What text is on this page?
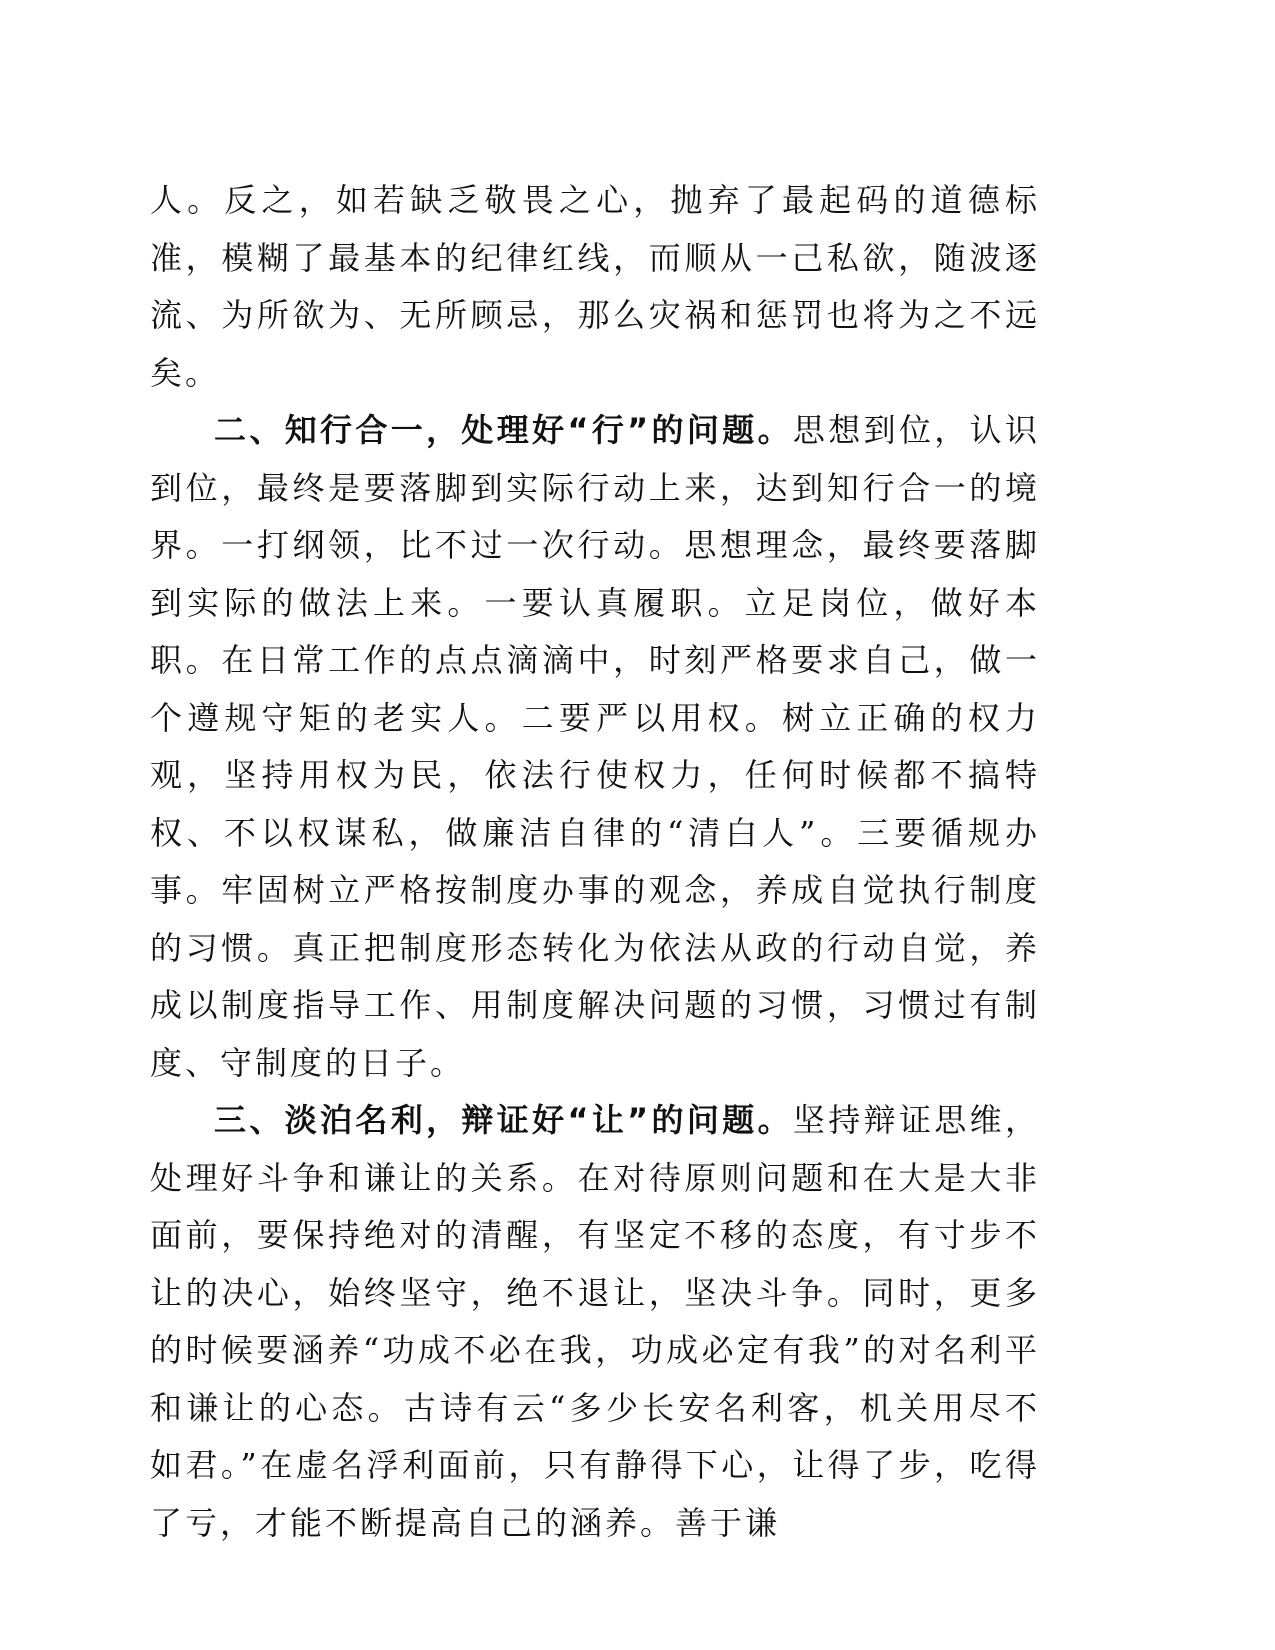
人。反之，如若缺乏敬畏之心，抛弃了最起码的道德标准，模糊了最基本的纪律红线，而顺从一己私欲，随波逐流、为所欲为、无所顾忌，那么灾祸和惩罚也将为之不远矣。

二、知行合一，处理好“行”的问题。思想到位，认识到位，最终是要落脚到实际行动上来，达到知行合一的境界。一打纲领，比不过一次行动。思想理念，最终要落脚到实际的做法上来。一要认真履职。立足岗位，做好本职。在日常工作的点点滴滴中，时刻严格要求自己，做一个遵规守矩的老实人。二要严以用权。树立正确的权力观，坚持用权为民，依法行使权力，任何时候都不搞特权、不以权谋私，做廉洁自律的“清白人”。三要循规办事。牢固树立严格按制度办事的观念，养成自觉执行制度的习惯。真正把制度形态转化为依法从政的行动自觉，养成以制度指导工作、用制度解决问题的习惯，习惯过有制度、守制度的日子。

三、淡泊名利，辩证好“让”的问题。坚持辩证思维，处理好斗争和谦让的关系。在对待原则问题和在大是大非面前，要保持绝对的清醒，有坚定不移的态度，有寸步不让的决心，始终坚守，绝不退让，坚决斗争。同时，更多的时候要涵养“功成不必在我，功成必定有我”的对名利平和谦让的心态。古诗有云“多少长安名利客，机关用尽不如君。”在虚名浮利面前，只有静得下心，让得了步，吃得了亏，才能不断提高自己的涵养。善于谦
